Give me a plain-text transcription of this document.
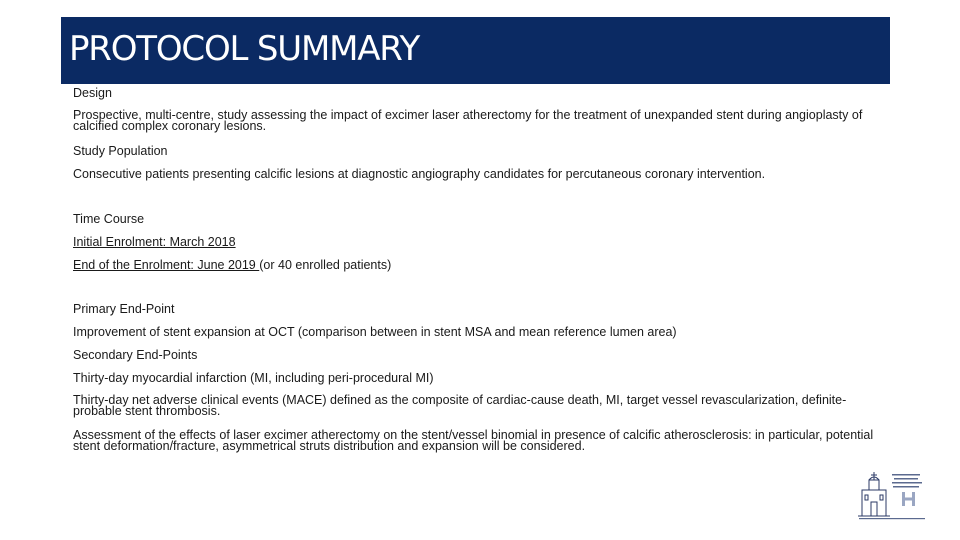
PROTOCOL SUMMARY
Design
Prospective, multi-centre, study assessing the impact of excimer laser atherectomy for the treatment of unexpanded stent during angioplasty of calcified complex coronary lesions.
Study Population
Consecutive patients presenting calcific lesions at diagnostic angiography candidates for percutaneous coronary intervention.
Time Course
Initial Enrolment: March 2018
End of the Enrolment: June 2019 (or 40 enrolled patients)
Primary End-Point
Improvement of stent expansion at OCT (comparison between in stent MSA and mean reference lumen area)
Secondary End-Points
Thirty-day myocardial infarction (MI, including peri-procedural MI)
Thirty-day net adverse clinical events (MACE) defined as the composite of cardiac-cause death, MI, target vessel revascularization, definite-probable stent thrombosis.
Assessment of the effects of laser excimer atherectomy on the stent/vessel binomial in presence of calcific atherosclerosis: in particular, potential stent deformation/fracture, asymmetrical struts distribution and expansion will be considered.
